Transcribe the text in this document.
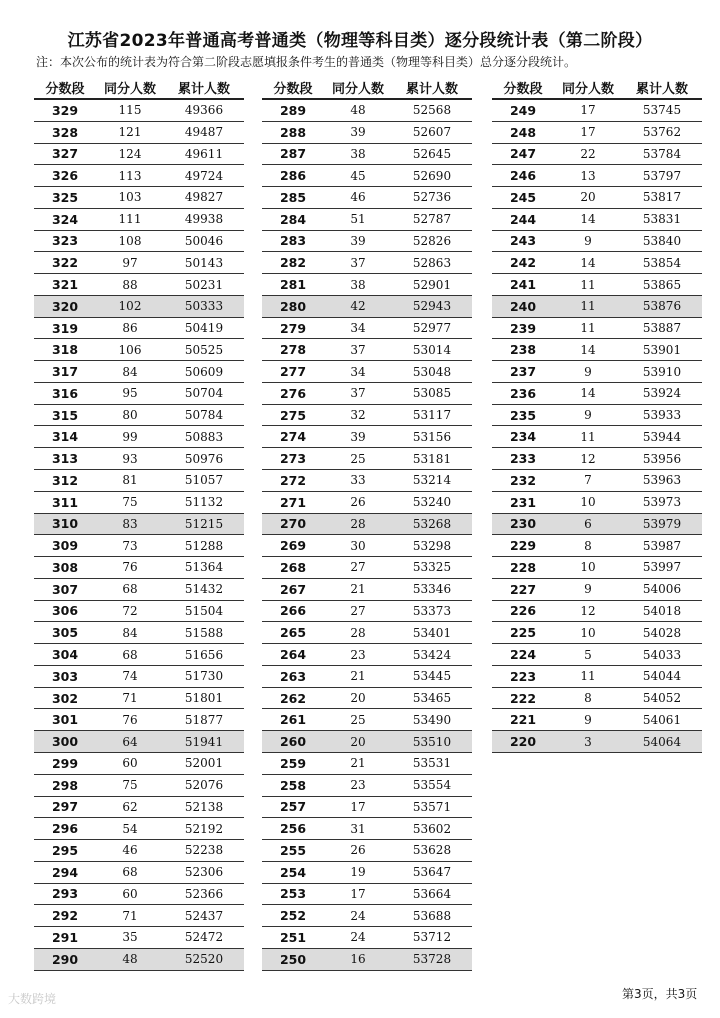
江苏省2023年普通高考普通类（物理等科目类）逐分段统计表（第二阶段）
注：本次公布的统计表为符合第二阶段志愿填报条件考生的普通类（物理等科目类）总分逐分段统计。
分数段	同分人数	累计人数
329	115	49366
328	121	49487
327	124	49611
326	113	49724
325	103	49827
324	111	49938
323	108	50046
322	97	50143
321	88	50231
320	102	50333
319	86	50419
318	106	50525
317	84	50609
316	95	50704
315	80	50784
314	99	50883
313	93	50976
312	81	51057
311	75	51132
310	83	51215
309	73	51288
308	76	51364
307	68	51432
306	72	51504
305	84	51588
304	68	51656
303	74	51730
302	71	51801
301	76	51877
300	64	51941
299	60	52001
298	75	52076
297	62	52138
296	54	52192
295	46	52238
294	68	52306
293	60	52366
292	71	52437
291	35	52472
290	48	52520
分数段	同分人数	累计人数
289	48	52568
288	39	52607
287	38	52645
286	45	52690
285	46	52736
284	51	52787
283	39	52826
282	37	52863
281	38	52901
280	42	52943
279	34	52977
278	37	53014
277	34	53048
276	37	53085
275	32	53117
274	39	53156
273	25	53181
272	33	53214
271	26	53240
270	28	53268
269	30	53298
268	27	53325
267	21	53346
266	27	53373
265	28	53401
264	23	53424
263	21	53445
262	20	53465
261	25	53490
260	20	53510
259	21	53531
258	23	53554
257	17	53571
256	31	53602
255	26	53628
254	19	53647
253	17	53664
252	24	53688
251	24	53712
250	16	53728
分数段	同分人数	累计人数
249	17	53745
248	17	53762
247	22	53784
246	13	53797
245	20	53817
244	14	53831
243	9	53840
242	14	53854
241	11	53865
240	11	53876
239	11	53887
238	14	53901
237	9	53910
236	14	53924
235	9	53933
234	11	53944
233	12	53956
232	7	53963
231	10	53973
230	6	53979
229	8	53987
228	10	53997
227	9	54006
226	12	54018
225	10	54028
224	5	54033
223	11	54044
222	8	54052
221	9	54061
220	3	54064
第3页，共3页
大数跨境
